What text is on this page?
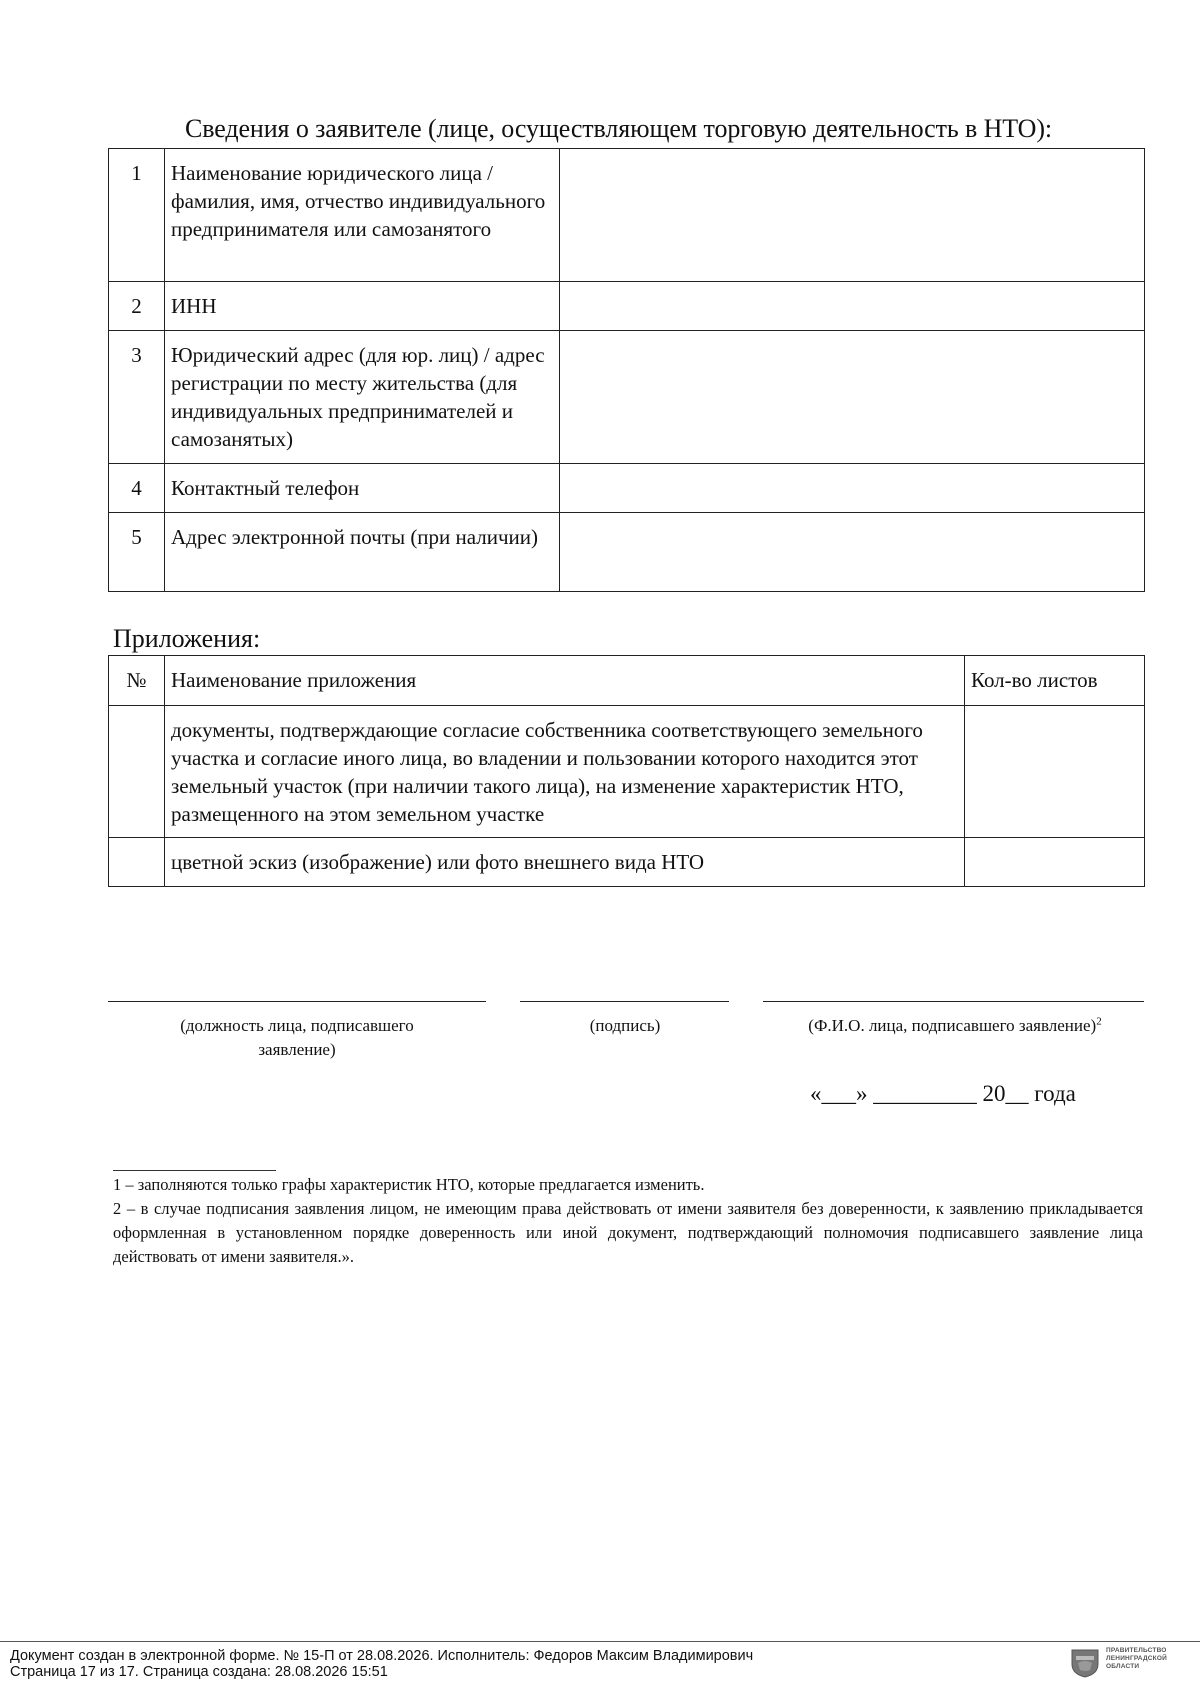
Сведения о заявителе (лице, осуществляющем торговую деятельность в НТО):
1	Наименование юридического лица / фамилия, имя, отчество индивидуального предпринимателя или самозанятого	
2	ИНН	
3	Юридический адрес (для юр. лиц) / адрес регистрации по месту жительства (для индивидуальных предпринимателей и самозанятых)	
4	Контактный телефон	
5	Адрес электронной почты (при наличии)	
Приложения:
№	Наименование приложения	Кол-во листов
	документы, подтверждающие согласие собственника соответствующего земельного участка и согласие иного лица, во владении и пользовании которого находится этот земельный участок (при наличии такого лица), на изменение характеристик НТО, размещенного на этом земельном участке	
	цветной эскиз (изображение) или фото внешнего вида НТО	
(должность лица, подписавшего заявление)
(подпись)	(Ф.И.О. лица, подписавшего заявление)$^2$
«___» _________ 20__ года

1 – заполняются только графы характеристик НТО, которые предлагается изменить.

2 – в случае подписания заявления лицом, не имеющим права действовать от имени заявителя без доверенности, к заявлению прикладывается оформленная в установленном порядке доверенность или иной документ, подтверждающий полномочия подписавшего заявление лица действовать от имени заявителя.».

Документ создан в электронной форме. № 15-П от 28.08.2026. Исполнитель: Федоров Максим Владимирович
Страница 17 из 17. Страница создана: 28.08.2026 15:51
ПРАВИТЕЛЬСТВО
ЛЕНИНГРАДСКОЙ
ОБЛАСТИ
